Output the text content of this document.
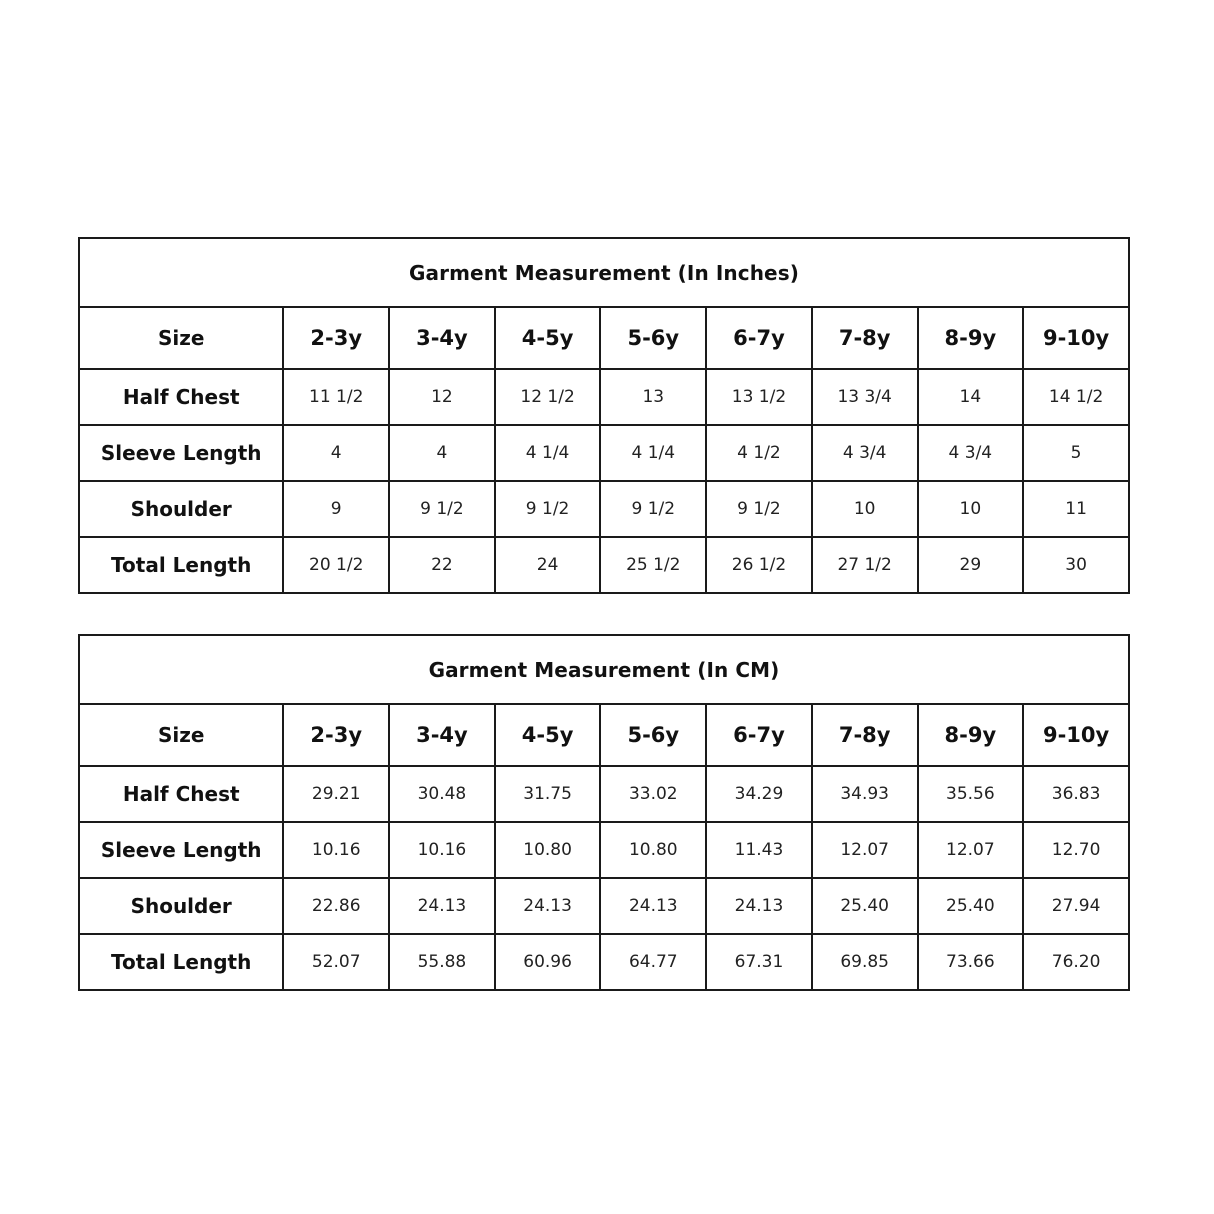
Garment Measurement (In Inches)								
Size	2-3y	3-4y	4-5y	5-6y	6-7y	7-8y	8-9y	9-10y
Half Chest	11 1/2	12	12 1/2	13	13 1/2	13 3/4	14	14 1/2
Sleeve Length	4	4	4 1/4	4 1/4	4 1/2	4 3/4	4 3/4	5
Shoulder	9	9 1/2	9 1/2	9 1/2	9 1/2	10	10	11
Total Length	20 1/2	22	24	25 1/2	26 1/2	27 1/2	29	30
Garment Measurement (In CM)								
Size	2-3y	3-4y	4-5y	5-6y	6-7y	7-8y	8-9y	9-10y
Half Chest	29.21	30.48	31.75	33.02	34.29	34.93	35.56	36.83
Sleeve Length	10.16	10.16	10.80	10.80	11.43	12.07	12.07	12.70
Shoulder	22.86	24.13	24.13	24.13	24.13	25.40	25.40	27.94
Total Length	52.07	55.88	60.96	64.77	67.31	69.85	73.66	76.20
